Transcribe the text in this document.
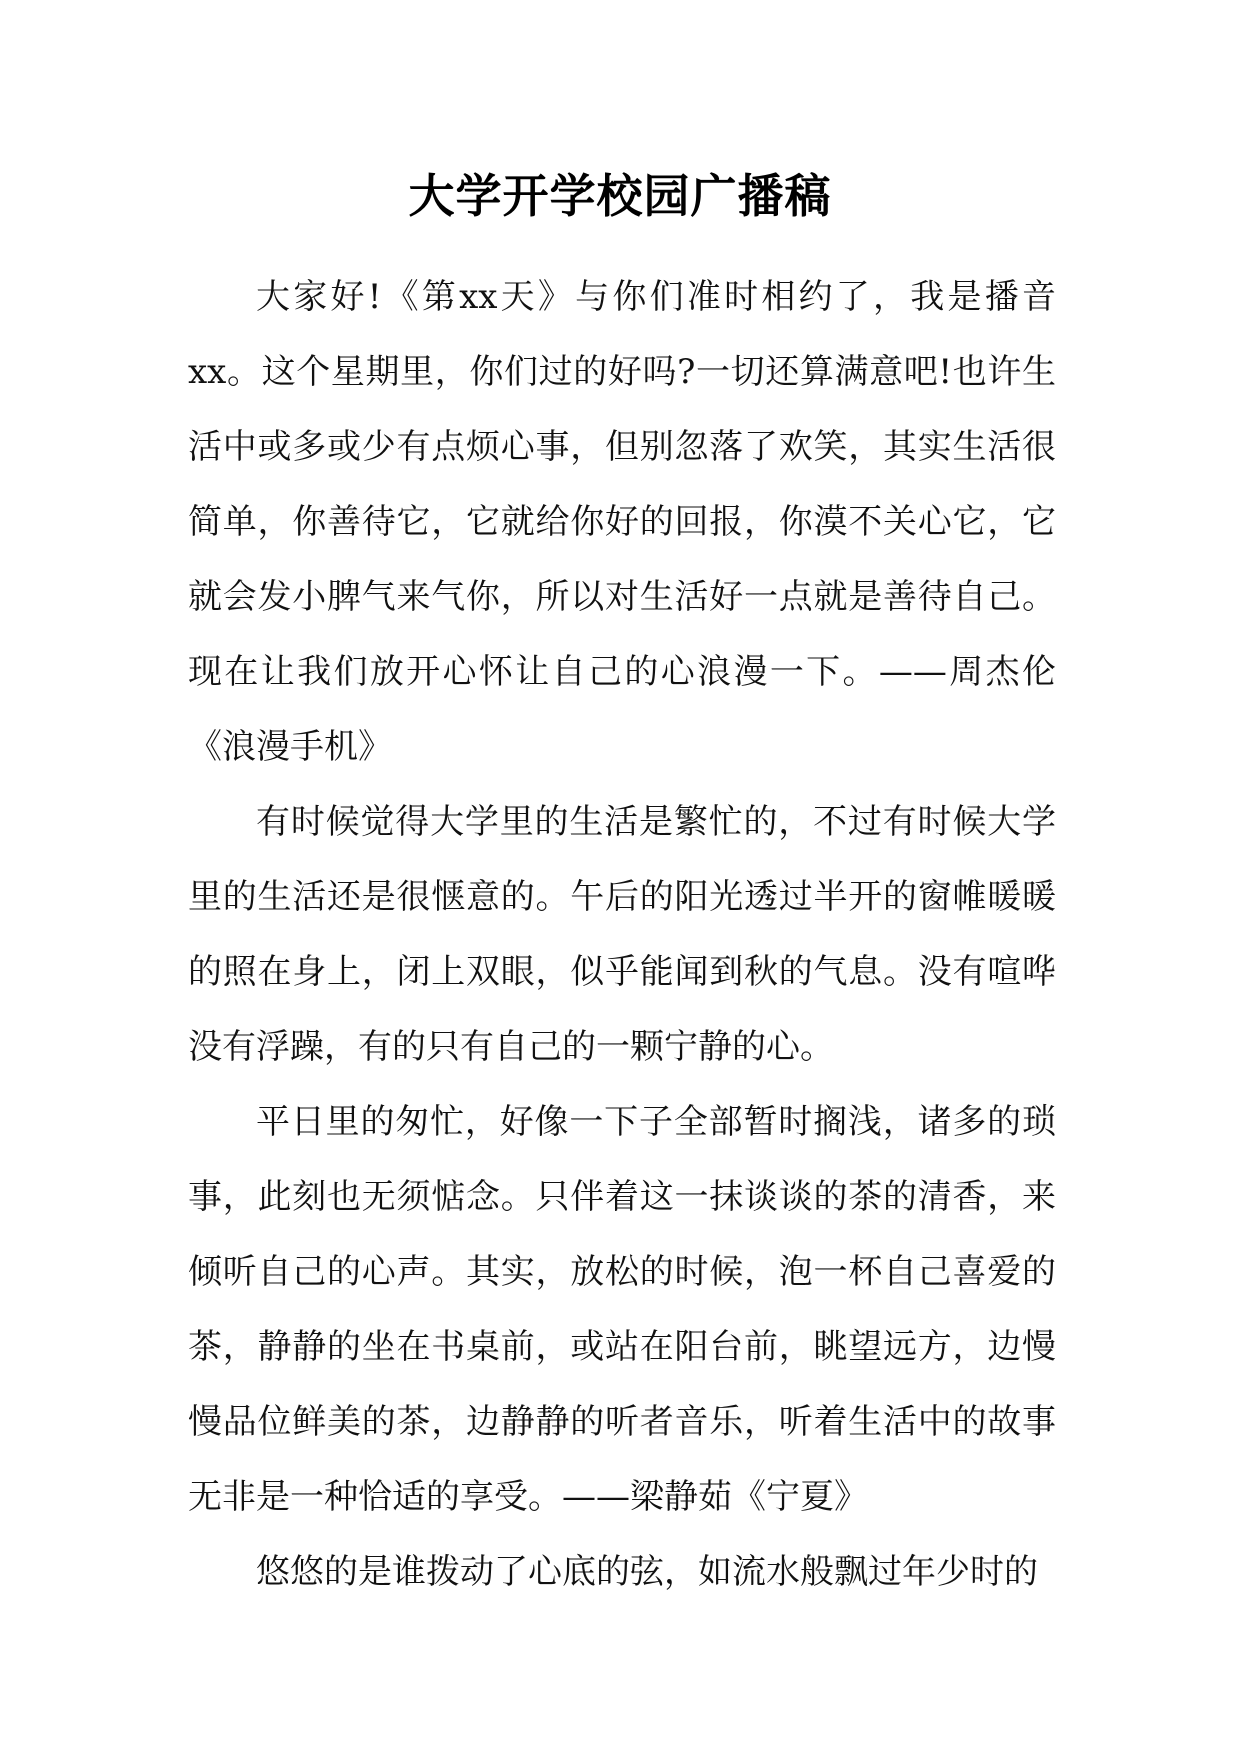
大学开学校园广播稿

大家好!《第xx天》与你们准时相约了，我是播音xx。这个星期里，你们过的好吗?一切还算满意吧!也许生活中或多或少有点烦心事，但别忽落了欢笑，其实生活很简单，你善待它，它就给你好的回报，你漠不关心它，它就会发小脾气来气你，所以对生活好一点就是善待自己。现在让我们放开心怀让自己的心浪漫一下。——周杰伦《浪漫手机》

有时候觉得大学里的生活是繁忙的，不过有时候大学里的生活还是很惬意的。午后的阳光透过半开的窗帷暖暖的照在身上，闭上双眼，似乎能闻到秋的气息。没有喧哗没有浮躁，有的只有自己的一颗宁静的心。

平日里的匆忙，好像一下子全部暂时搁浅，诸多的琐事，此刻也无须惦念。只伴着这一抹谈谈的茶的清香，来倾听自己的心声。其实，放松的时候，泡一杯自己喜爱的茶，静静的坐在书桌前，或站在阳台前，眺望远方，边慢慢品位鲜美的茶，边静静的听者音乐，听着生活中的故事无非是一种恰适的享受。——梁静茹《宁夏》

悠悠的是谁拨动了心底的弦，如流水般飘过年少时的
